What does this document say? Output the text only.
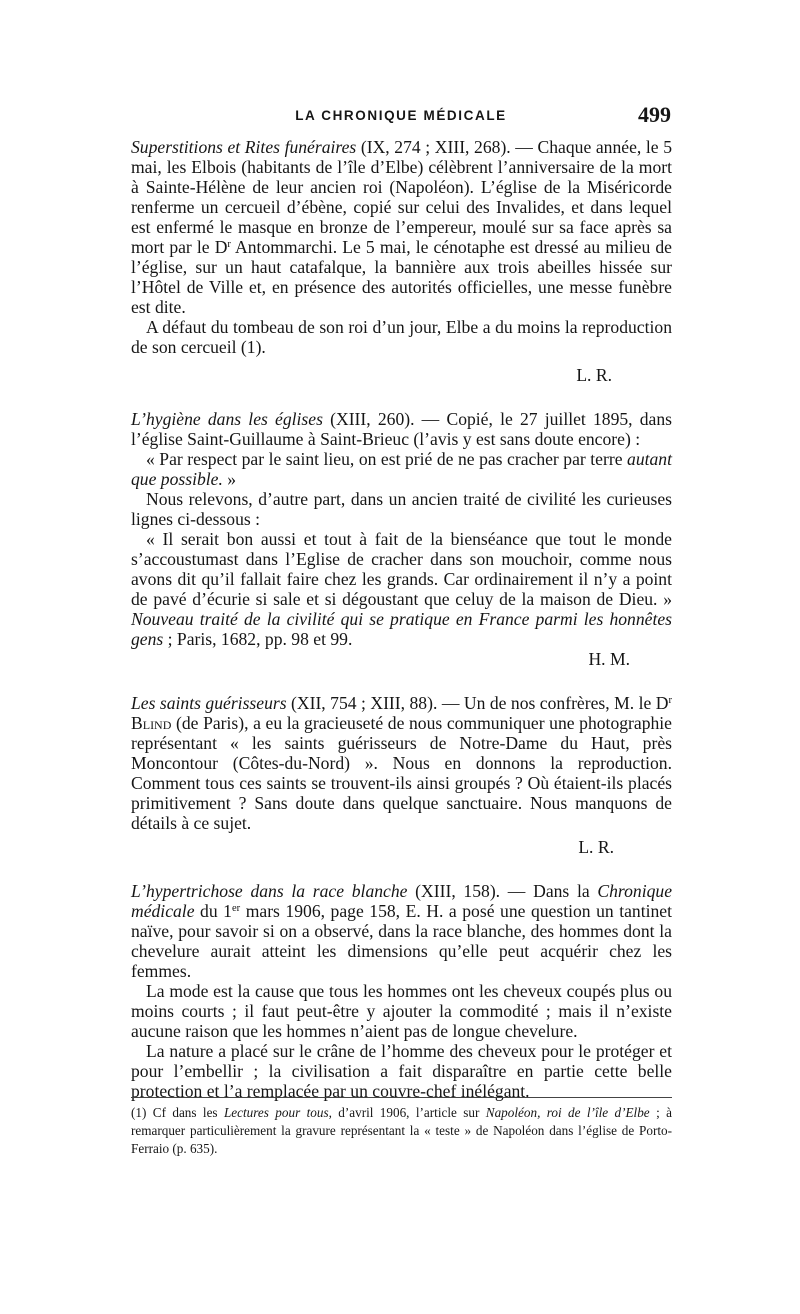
LA CHRONIQUE MÉDICALE	499

Superstitions et Rites funéraires (IX, 274 ; XIII, 268). — Chaque année, le 5 mai, les Elbois (habitants de l’île d’Elbe) célèbrent l’anniversaire de la mort à Sainte-Hélène de leur ancien roi (Napoléon). L’église de la Miséricorde renferme un cercueil d’ébène, copié sur celui des Invalides, et dans lequel est enfermé le masque en bronze de l’empereur, moulé sur sa face après sa mort par le $D^r$ Antommarchi. Le 5 mai, le cénotaphe est dressé au milieu de l’église, sur un haut catafalque, la bannière aux trois abeilles hissée sur l’Hôtel de Ville et, en présence des autorités officielles, une messe funèbre est dite.

A défaut du tombeau de son roi d’un jour, Elbe a du moins la reproduction de son cercueil (1).

L. R.

L’hygiène dans les églises (XIII, 260). — Copié, le 27 juillet 1895, dans l’église Saint-Guillaume à Saint-Brieuc (l’avis y est sans doute encore) :

« Par respect par le saint lieu, on est prié de ne pas cracher par terre autant que possible. »

Nous relevons, d’autre part, dans un ancien traité de civilité les curieuses lignes ci-dessous :

« Il serait bon aussi et tout à fait de la bienséance que tout le monde s’accoustumast dans l’Eglise de cracher dans son mouchoir, comme nous avons dit qu’il fallait faire chez les grands. Car ordinairement il n’y a point de pavé d’écurie si sale et si dégoustant que celuy de la maison de Dieu. » Nouveau traité de la civilité qui se pratique en France parmi les honnêtes gens ; Paris, 1682, pp. 98 et 99.

H. M.

Les saints guérisseurs (XII, 754 ; XIII, 88). — Un de nos confrères, M. le $D^r$ Blind (de Paris), a eu la gracieuseté de nous communiquer une photographie représentant « les saints guérisseurs de Notre-Dame du Haut, près Moncontour (Côtes-du-Nord) ». Nous en donnons la reproduction. Comment tous ces saints se trouvent-ils ainsi groupés ? Où étaient-ils placés primitivement ? Sans doute dans quelque sanctuaire. Nous manquons de détails à ce sujet.

L. R.

L’hypertrichose dans la race blanche (XIII, 158). — Dans la Chronique médicale du 1er mars 1906, page 158, E. H. a posé une question un tantinet naïve, pour savoir si on a observé, dans la race blanche, des hommes dont la chevelure aurait atteint les dimensions qu’elle peut acquérir chez les femmes.

La mode est la cause que tous les hommes ont les cheveux coupés plus ou moins courts ; il faut peut-être y ajouter la commodité ; mais il n’existe aucune raison que les hommes n’aient pas de longue chevelure.

La nature a placé sur le crâne de l’homme des cheveux pour le protéger et pour l’embellir ; la civilisation a fait disparaître en partie cette belle protection et l’a remplacée par un couvre-chef inélégant.

(1) Cf dans les Lectures pour tous, d’avril 1906, l’article sur Napoléon, roi de l’île d’Elbe ; à remarquer particulièrement la gravure représentant la « teste » de Napoléon dans l’église de Porto-Ferraio (p. 635).
